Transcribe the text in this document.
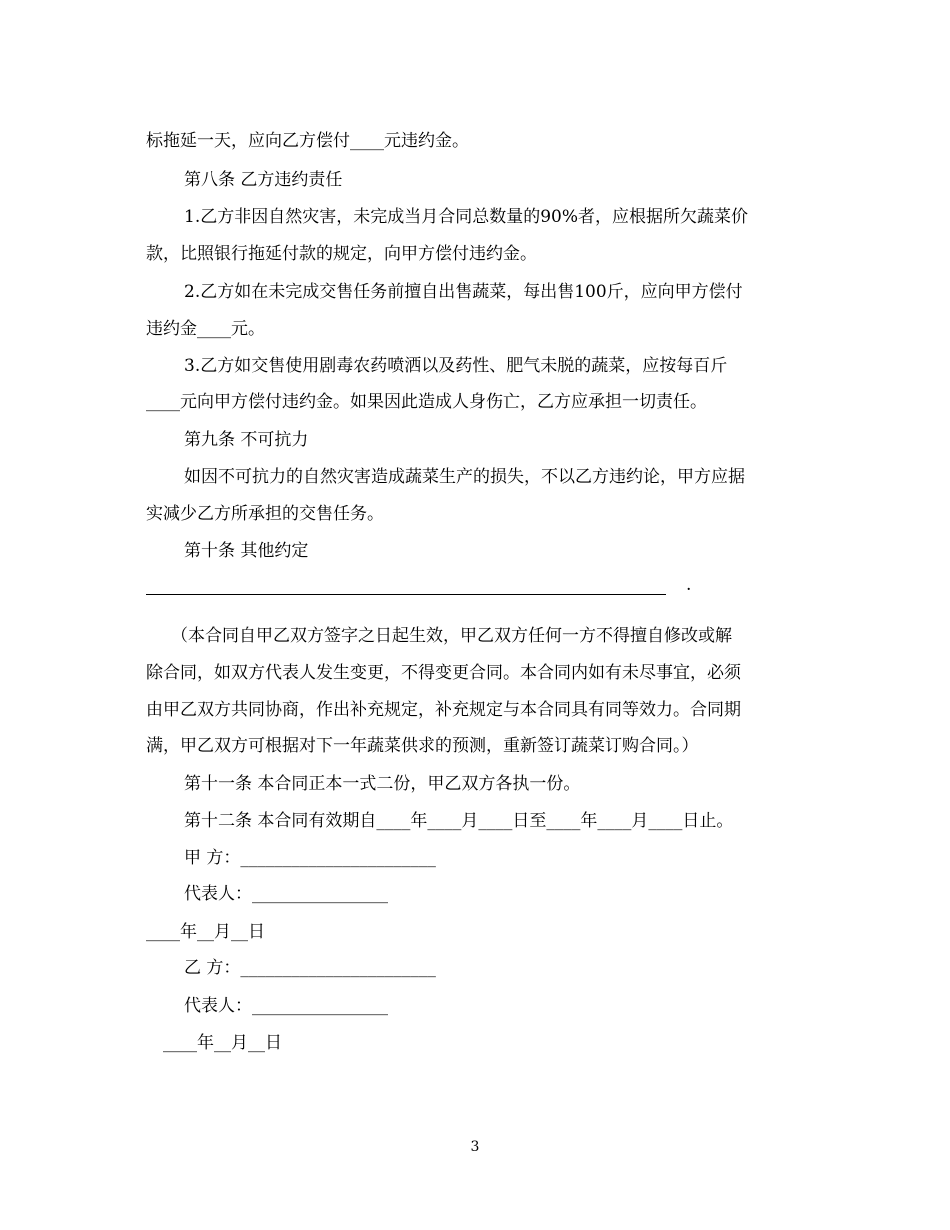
标拖延一天，应向乙方偿付____元违约金。
第八条 乙方违约责任
1.乙方非因自然灾害，未完成当月合同总数量的90%者，应根据所欠蔬菜价
款，比照银行拖延付款的规定，向甲方偿付违约金。
2.乙方如在未完成交售任务前擅自出售蔬菜，每出售100斤，应向甲方偿付
违约金____元。
3.乙方如交售使用剧毒农药喷洒以及药性、肥气未脱的蔬菜，应按每百斤
____元向甲方偿付违约金。如果因此造成人身伤亡，乙方应承担一切责任。
第九条 不可抗力
如因不可抗力的自然灾害造成蔬菜生产的损失，不以乙方违约论，甲方应据
实减少乙方所承担的交售任务。
第十条 其他约定
.
（本合同自甲乙双方签字之日起生效，甲乙双方任何一方不得擅自修改或解
除合同，如双方代表人发生变更，不得变更合同。本合同内如有未尽事宜，必须
由甲乙双方共同协商，作出补充规定，补充规定与本合同具有同等效力。合同期
满，甲乙双方可根据对下一年蔬菜供求的预测，重新签订蔬菜订购合同。）
第十一条 本合同正本一式二份，甲乙双方各执一份。
第十二条 本合同有效期自____年____月____日至____年____月____日止。
甲 方：_______________________
代表人：________________
____年__月__日
乙 方：_______________________
代表人：________________
____年__月__日
3
